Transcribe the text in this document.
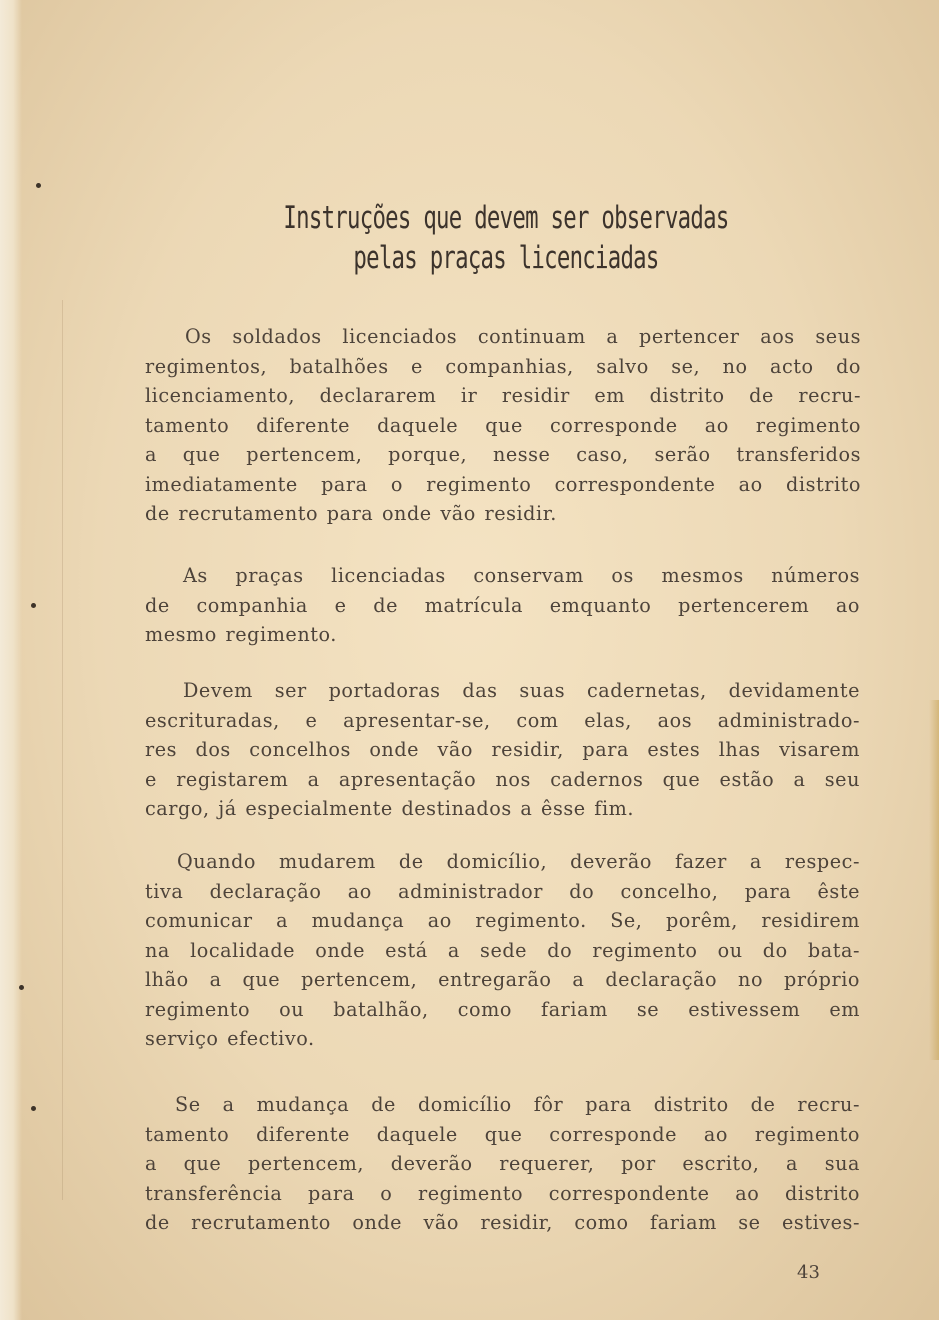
Instruções que devem ser observadas
pelas praças licenciadas
Os soldados licenciados continuam a pertencer aos seus
regimentos, batalhões e companhias, salvo se, no acto do
licenciamento, declararem ir residir em distrito de recru-
tamento diferente daquele que corresponde ao regimento
a que pertencem, porque, nesse caso, serão transferidos
imediatamente para o regimento correspondente ao distrito
de recrutamento para onde vão residir.
As praças licenciadas conservam os mesmos números
de companhia e de matrícula emquanto pertencerem ao
mesmo regimento.
Devem ser portadoras das suas cadernetas, devidamente
escrituradas, e apresentar-se, com elas, aos administrado-
res dos concelhos onde vão residir, para estes lhas visarem
e registarem a apresentação nos cadernos que estão a seu
cargo, já especialmente destinados a êsse fim.
Quando mudarem de domicílio, deverão fazer a respec-
tiva declaração ao administrador do concelho, para êste
comunicar a mudança ao regimento. Se, porêm, residirem
na localidade onde está a sede do regimento ou do bata-
lhão a que pertencem, entregarão a declaração no próprio
regimento ou batalhão, como fariam se estivessem em
serviço efectivo.
Se a mudança de domicílio fôr para distrito de recru-
tamento diferente daquele que corresponde ao regimento
a que pertencem, deverão requerer, por escrito, a sua
transferência para o regimento correspondente ao distrito
de recrutamento onde vão residir, como fariam se estives-

43
